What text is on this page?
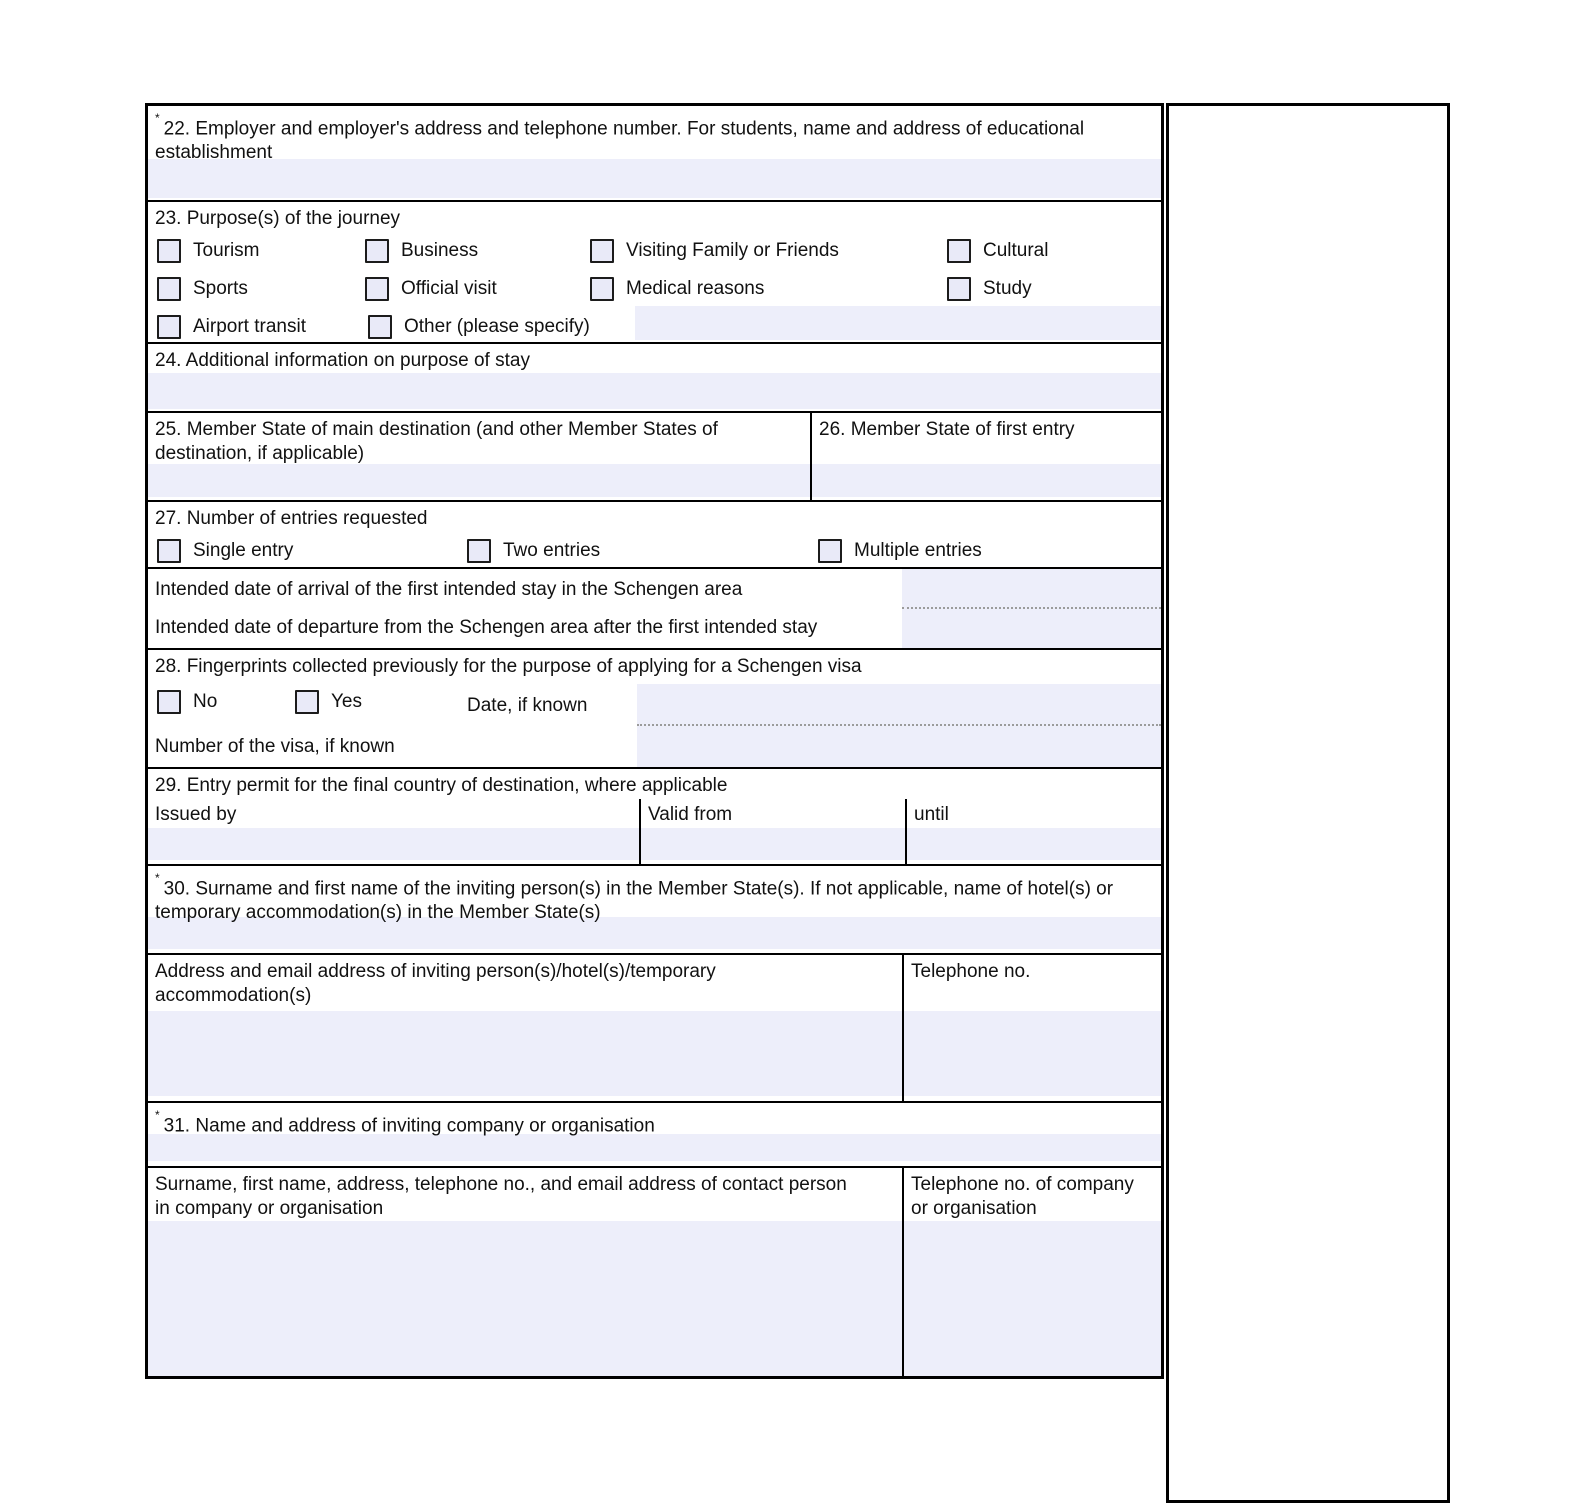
*22. Employer and employer's address and telephone number. For students, name and address of educational establishment
23. Purpose(s) of the journey
Tourism	Business	Visiting Family or Friends	Cultural
Sports	Official visit	Medical reasons	Study
Airport transit	Other (please specify)
24. Additional information on purpose of stay
25. Member State of main destination (and other Member States of destination, if applicable)
26. Member State of first entry
27. Number of entries requested
Single entry	Two entries	Multiple entries
Intended date of arrival of the first intended stay in the Schengen area
Intended date of departure from the Schengen area after the first intended stay
28. Fingerprints collected previously for the purpose of applying for a Schengen visa
No	Yes	Date, if known
Number of the visa, if known
29. Entry permit for the final country of destination, where applicable
Issued by	Valid from	until
*30. Surname and first name of the inviting person(s) in the Member State(s). If not applicable, name of hotel(s) or temporary accommodation(s) in the Member State(s)
Address and email address of inviting person(s)/hotel(s)/temporary accommodation(s)
Telephone no.
*31. Name and address of inviting company or organisation
Surname, first name, address, telephone no., and email address of contact person in company or organisation
Telephone no. of company or organisation
